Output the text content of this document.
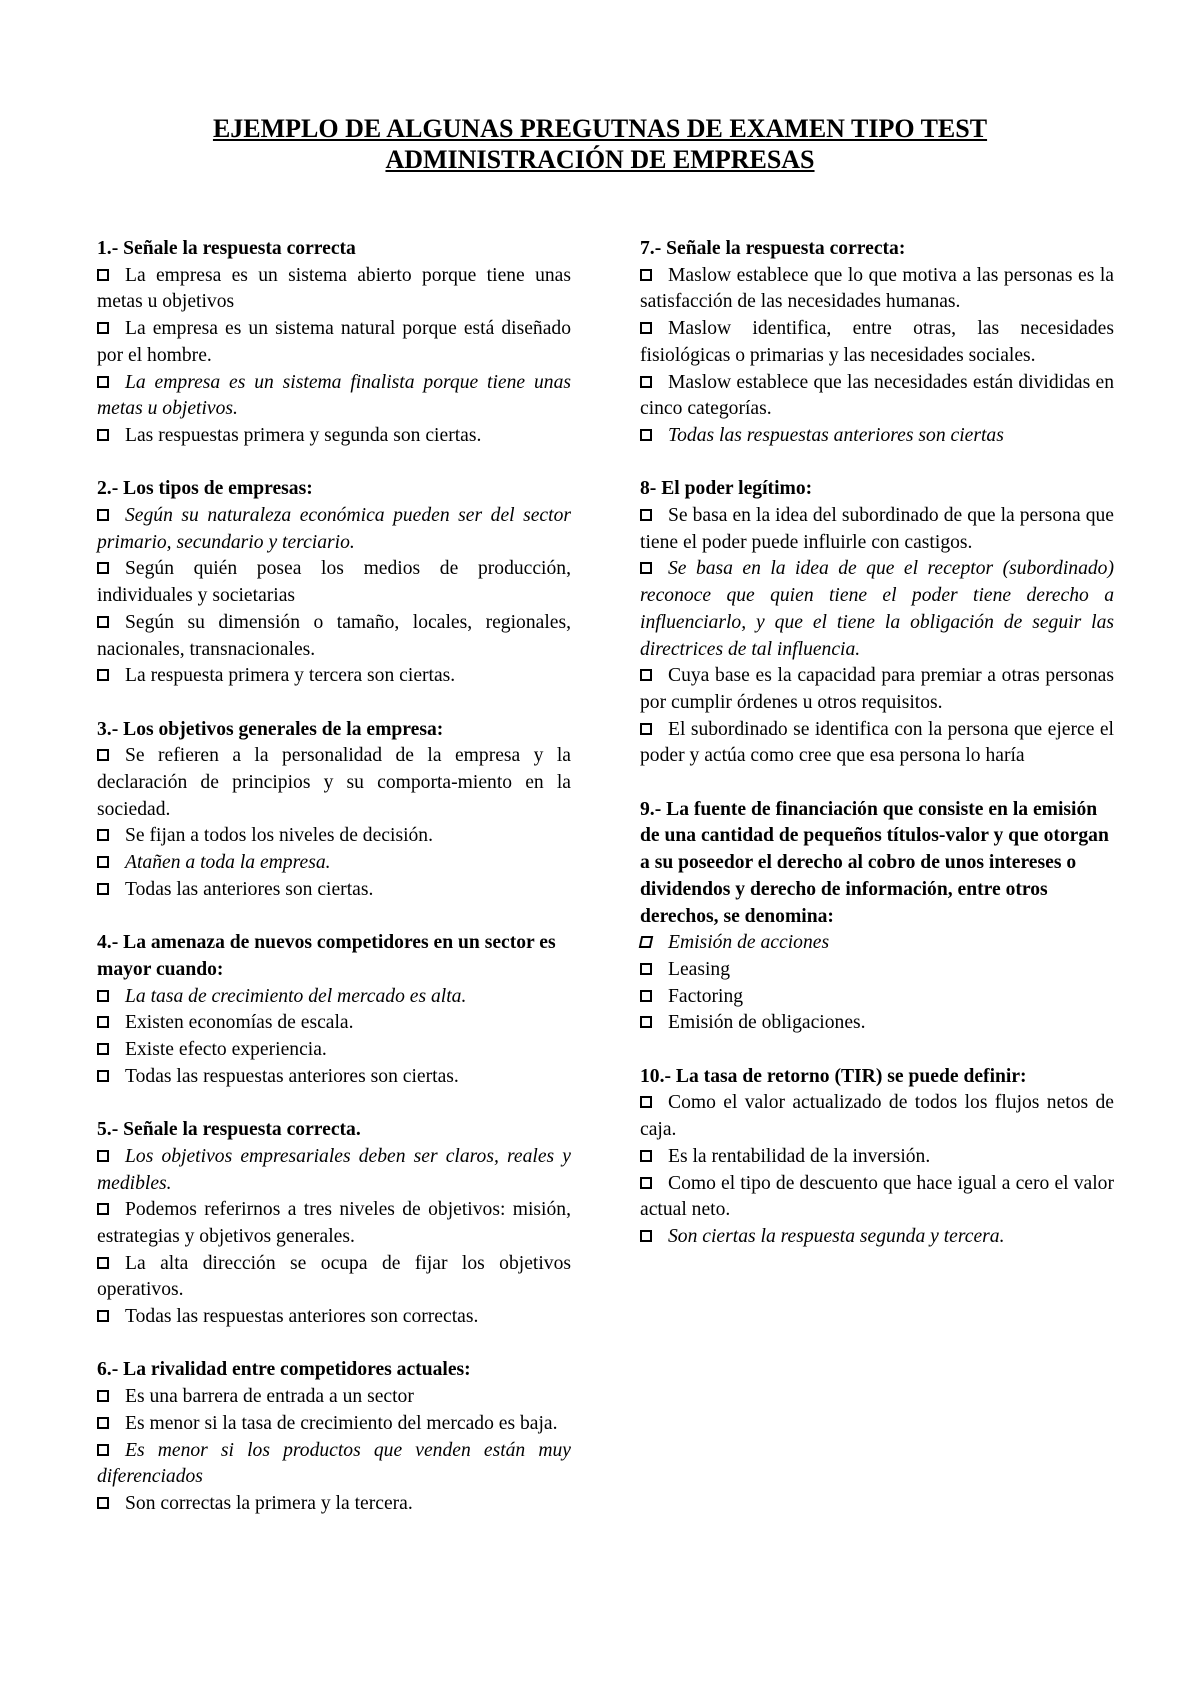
EJEMPLO DE ALGUNAS PREGUTNAS DE EXAMEN TIPO TEST
ADMINISTRACIÓN DE EMPRESAS
1.- Señale la respuesta correcta
La empresa es un sistema abierto porque tiene unas metas u objetivos
La empresa es un sistema natural porque está diseñado por el hombre.
La empresa es un sistema finalista porque tiene unas metas u objetivos.
Las respuestas primera y segunda son ciertas.
2.- Los tipos de empresas:
Según su naturaleza económica pueden ser del sector primario, secundario y terciario.
Según quién posea los medios de producción, individuales y societarias
Según su dimensión o tamaño, locales, regionales, nacionales, transnacionales.
La respuesta primera y tercera son ciertas.
3.- Los objetivos generales de la empresa:
Se refieren a la personalidad de la empresa y la declaración de principios y su comporta-miento en la sociedad.
Se fijan a todos los niveles de decisión.
Atañen a toda la empresa.
Todas las anteriores son ciertas.
4.- La amenaza de nuevos competidores en un sector es mayor cuando:
La tasa de crecimiento del mercado es alta.
Existen economías de escala.
Existe efecto experiencia.
Todas las respuestas anteriores son ciertas.
5.- Señale la respuesta correcta.
Los objetivos empresariales deben ser claros, reales y medibles.
Podemos referirnos a tres niveles de objetivos: misión, estrategias y objetivos generales.
La alta dirección se ocupa de fijar los objetivos operativos.
Todas las respuestas anteriores son correctas.
6.- La rivalidad entre competidores actuales:
Es una barrera de entrada a un sector
Es menor si la tasa de crecimiento del mercado es baja.
Es menor si los productos que venden están muy diferenciados
Son correctas la primera y la tercera.
7.- Señale la respuesta correcta:
Maslow establece que lo que motiva a las personas es la satisfacción de las necesidades humanas.
Maslow identifica, entre otras, las necesidades fisiológicas o primarias y las necesidades sociales.
Maslow establece que las necesidades están divididas en cinco categorías.
Todas las respuestas anteriores son ciertas
8- El poder legítimo:
Se basa en la idea del subordinado de que la persona que tiene el poder puede influirle con castigos.
Se basa en la idea de que el receptor (subordinado) reconoce que quien tiene el poder tiene derecho a influenciarlo, y que el tiene la obligación de seguir las directrices de tal influencia.
Cuya base es la capacidad para premiar a otras personas por cumplir órdenes u otros requisitos.
El subordinado se identifica con la persona que ejerce el poder y actúa como cree que esa persona lo haría
9.- La fuente de financiación que consiste en la emisión de una cantidad de pequeños títulos-valor y que otorgan a su poseedor el derecho al cobro de unos intereses o dividendos y derecho de información, entre otros derechos, se denomina:
Emisión de acciones
Leasing
Factoring
Emisión de obligaciones.
10.- La tasa de retorno (TIR) se puede definir:
Como el valor actualizado de todos los flujos netos de caja.
Es la rentabilidad de la inversión.
Como el tipo de descuento que hace igual a cero el valor actual neto.
Son ciertas la respuesta segunda y tercera.
